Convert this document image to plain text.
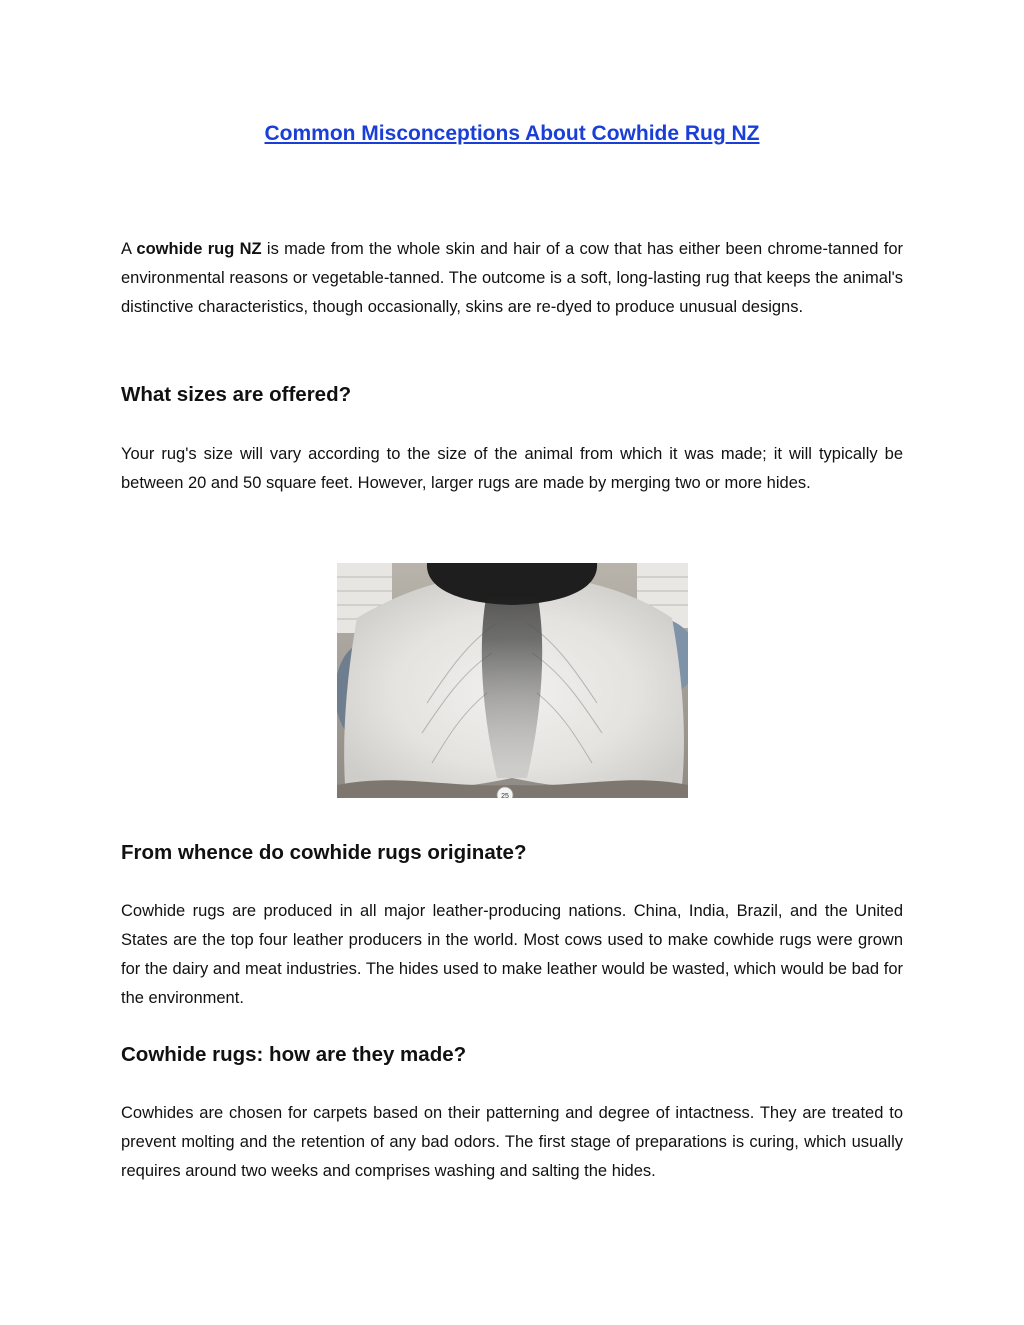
Common Misconceptions About Cowhide Rug NZ

A cowhide rug NZ is made from the whole skin and hair of a cow that has either been chrome-tanned for environmental reasons or vegetable-tanned. The outcome is a soft, long-lasting rug that keeps the animal's distinctive characteristics, though occasionally, skins are re-dyed to produce unusual designs.

What sizes are offered?

Your rug's size will vary according to the size of the animal from which it was made; it will typically be between 20 and 50 square feet. However, larger rugs are made by merging two or more hides.

25
From whence do cowhide rugs originate?

Cowhide rugs are produced in all major leather-producing nations. China, India, Brazil, and the United States are the top four leather producers in the world. Most cows used to make cowhide rugs were grown for the dairy and meat industries. The hides used to make leather would be wasted, which would be bad for the environment.

Cowhide rugs: how are they made?

Cowhides are chosen for carpets based on their patterning and degree of intactness. They are treated to prevent molting and the retention of any bad odors. The first stage of preparations is curing, which usually requires around two weeks and comprises washing and salting the hides.
